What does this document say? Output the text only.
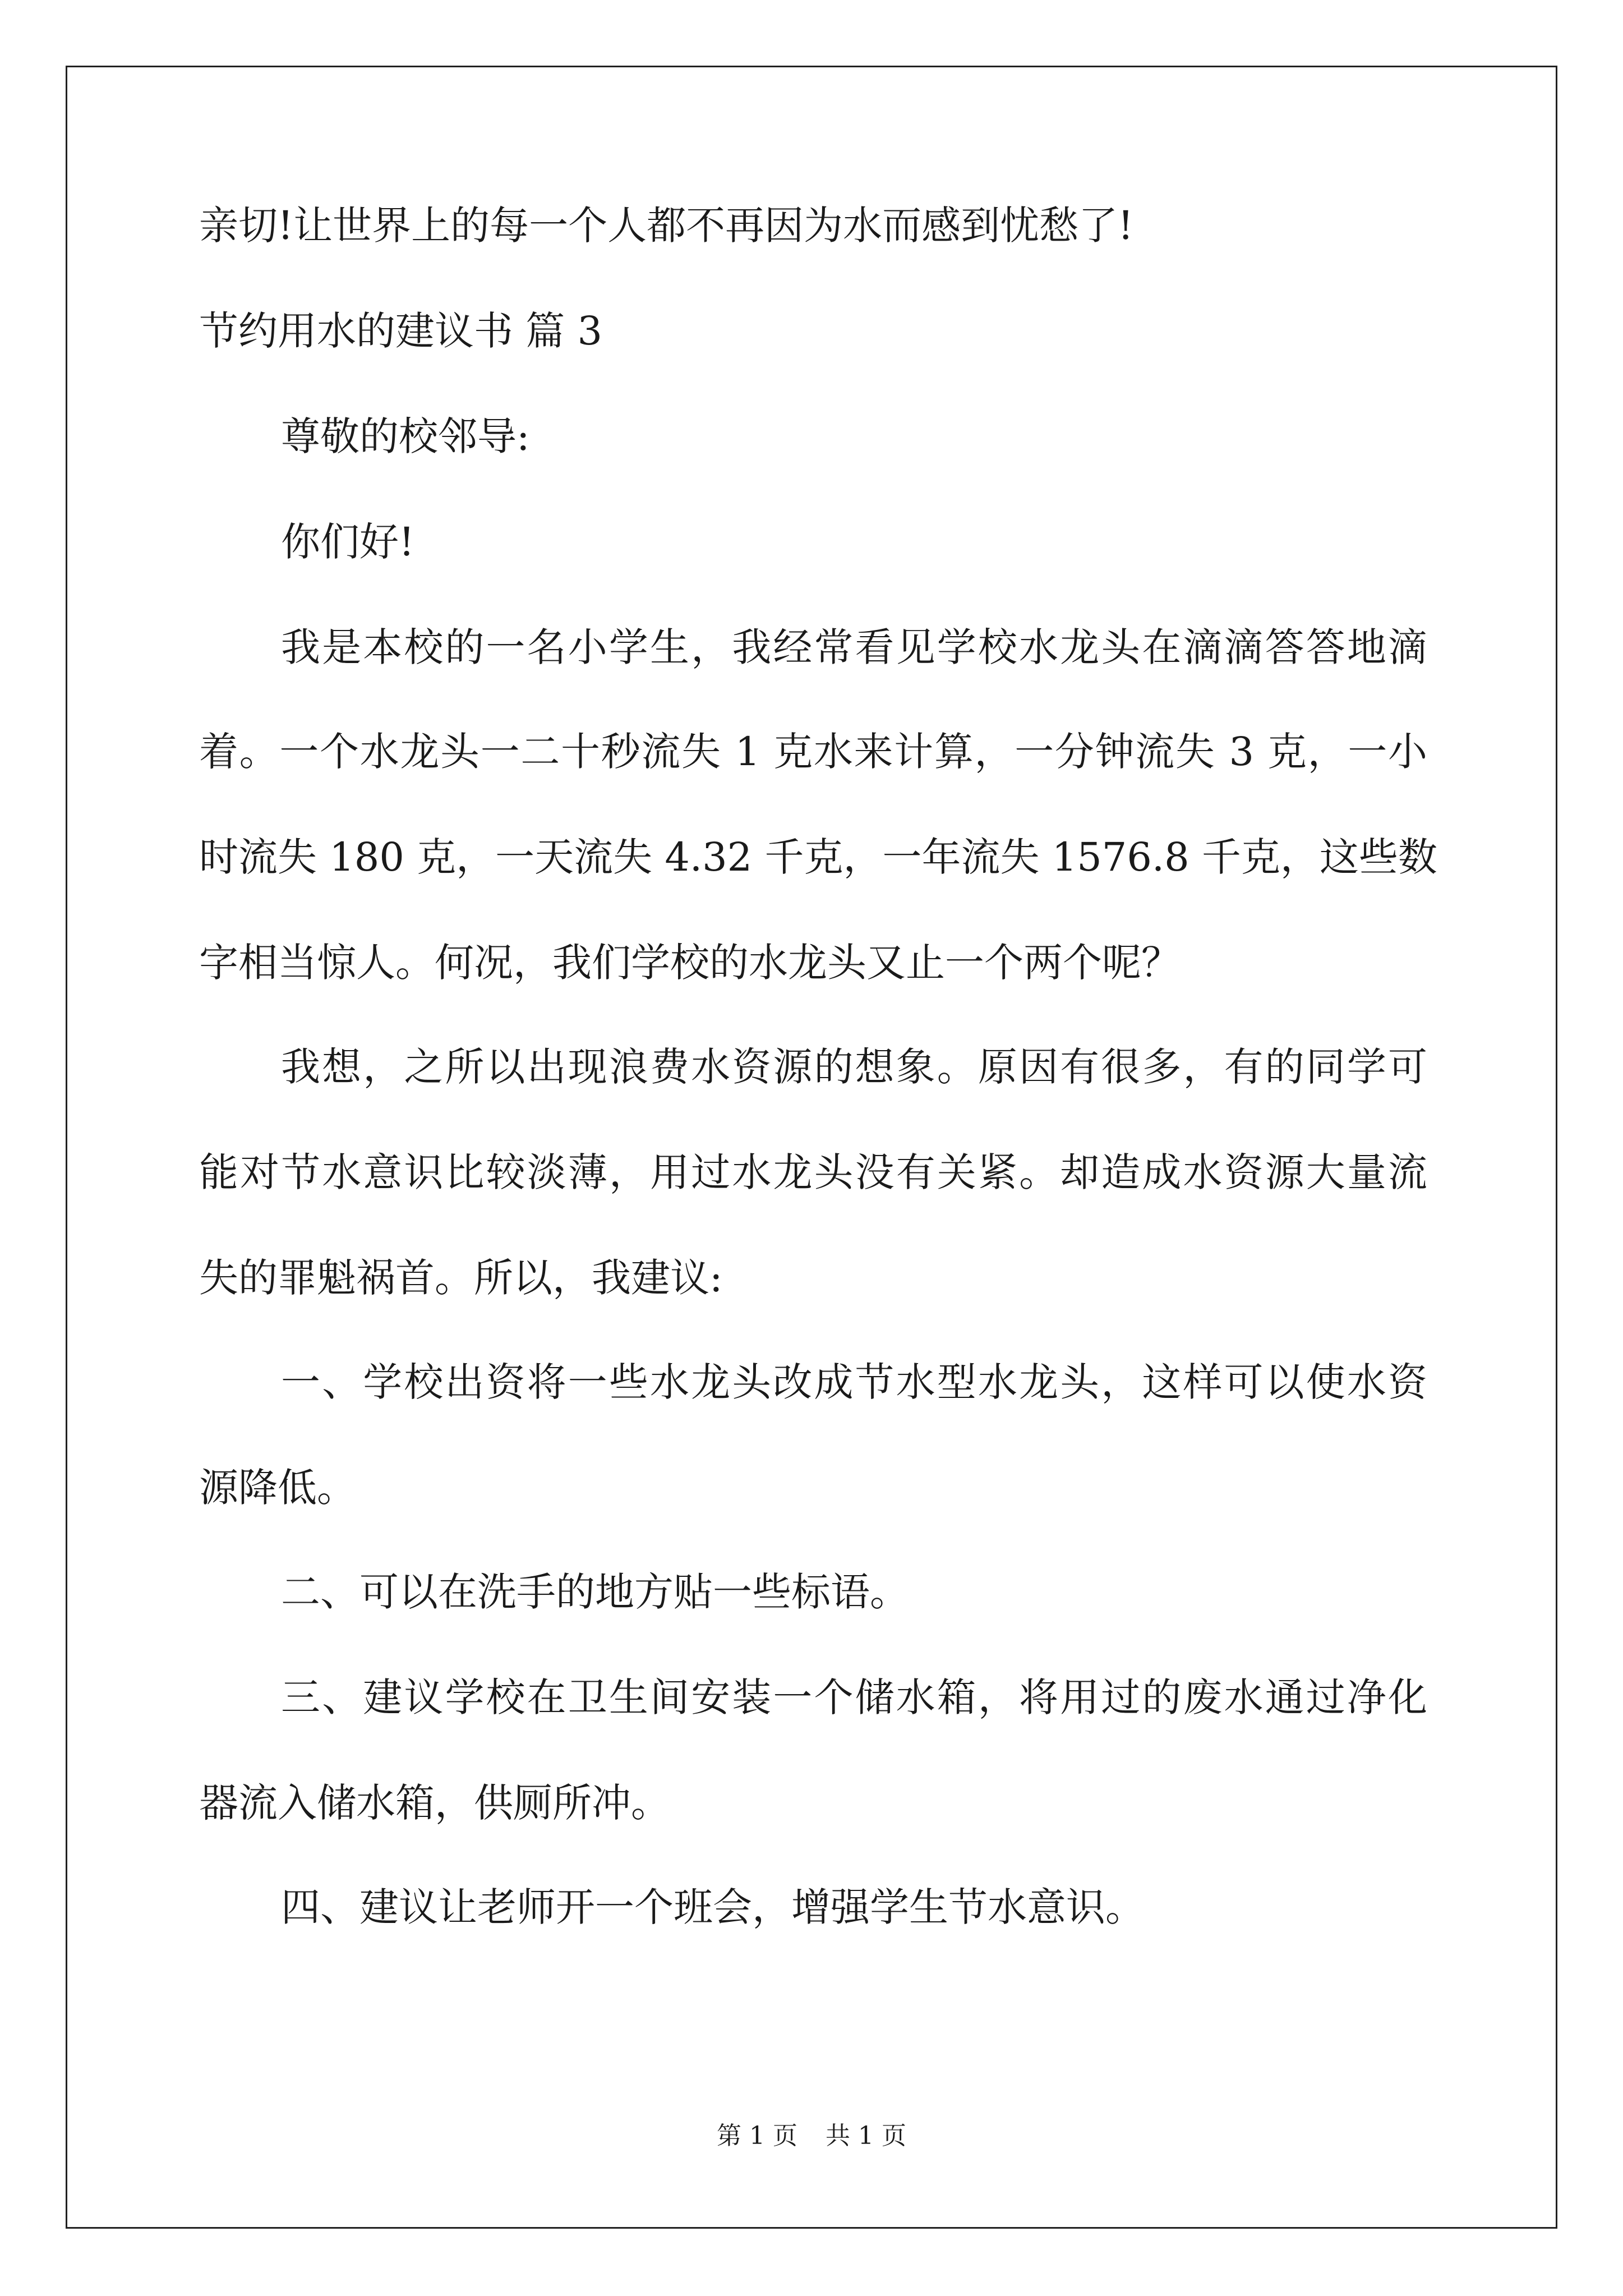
亲切!让世界上的每一个人都不再因为水而感到忧愁了!

节约用水的建议书 篇 3

尊敬的校邻导:

你们好!

我是本校的一名小学生，我经常看见学校水龙头在滴滴答答地滴

着。一个水龙头一二十秒流失 1 克水来计算，一分钟流失 3 克，一小

时流失 180 克，一天流失 4.32 千克，一年流失 1576.8 千克，这些数

字相当惊人。何况，我们学校的水龙头又止一个两个呢？

我想，之所以出现浪费水资源的想象。原因有很多，有的同学可

能对节水意识比较淡薄，用过水龙头没有关紧。却造成水资源大量流

失的罪魁祸首。所以，我建议:

一、学校出资将一些水龙头改成节水型水龙头，这样可以使水资

源降低。

二、可以在洗手的地方贴一些标语。

三、建议学校在卫生间安装一个储水箱，将用过的废水通过净化

器流入储水箱，供厕所冲。

四、建议让老师开一个班会，增强学生节水意识。

第 1 页 共 1 页
